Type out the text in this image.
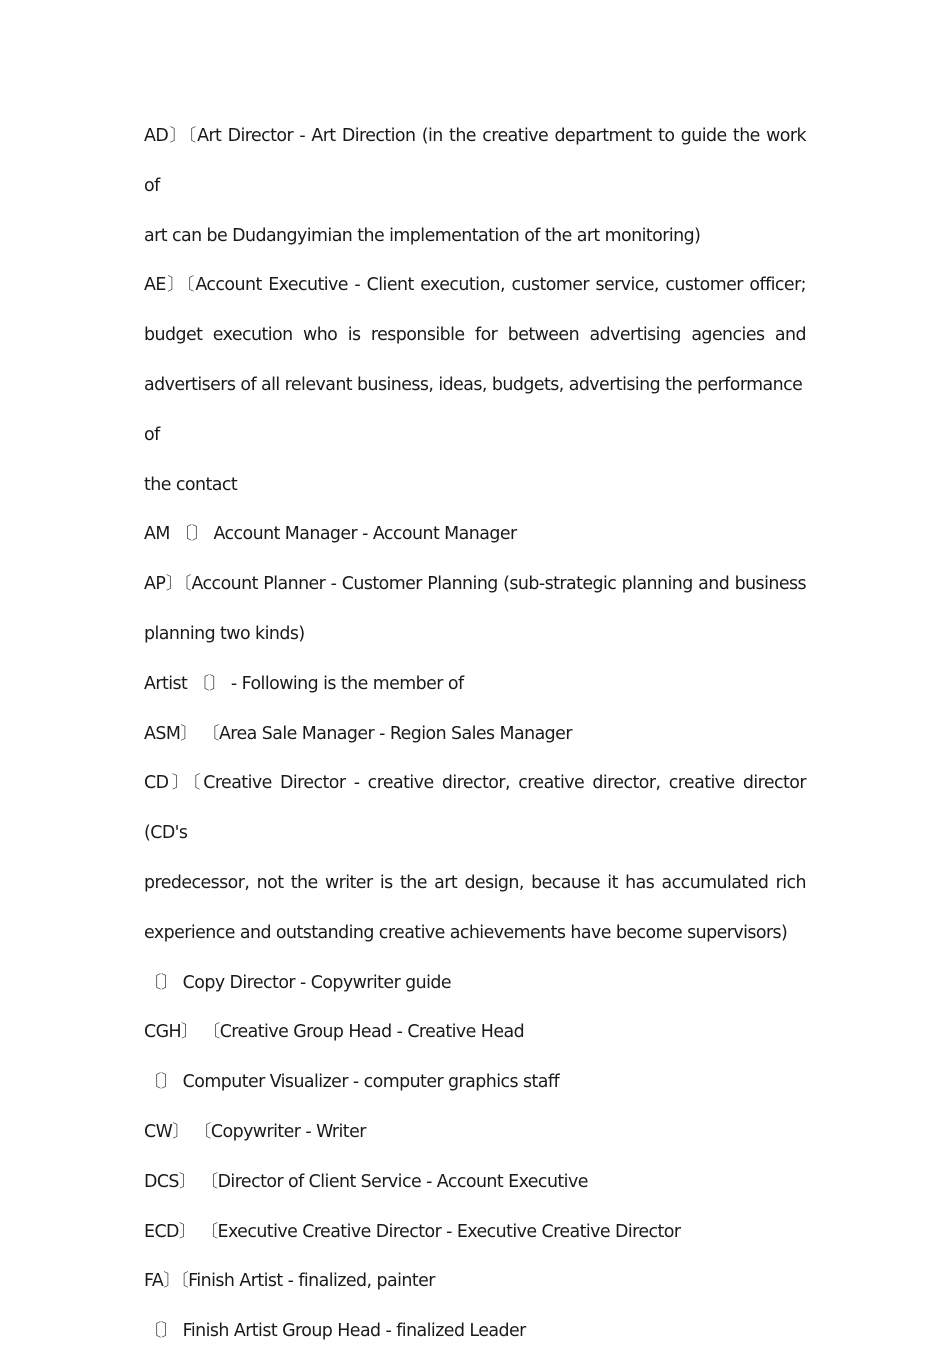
AD〕〔Art Director - Art Direction (in the creative department to guide the work of
art can be Dudangyimian the implementation of the art monitoring)

AE〕〔Account Executive - Client execution, customer service, customer officer;
budget execution who is responsible for between advertising agencies and
advertisers of all relevant business, ideas, budgets, advertising the performance of
the contact

AM 〔〕 Account Manager - Account Manager

AP〕〔Account Planner - Customer Planning (sub-strategic planning and business
planning two kinds)

Artist 〔〕 - Following is the member of

ASM〕 〔Area Sale Manager - Region Sales Manager

CD〕〔Creative Director - creative director, creative director, creative director (CD's
predecessor, not the writer is the art design, because it has accumulated rich
experience and outstanding creative achievements have become supervisors)

〔〕 Copy Director - Copywriter guide

CGH〕 〔Creative Group Head - Creative Head

〔〕 Computer Visualizer - computer graphics staff

CW〕 〔Copywriter - Writer

DCS〕 〔Director of Client Service - Account Executive

ECD〕 〔Executive Creative Director - Executive Creative Director

FA〕〔Finish Artist - finalized, painter

〔〕 Finish Artist Group Head - finalized Leader
